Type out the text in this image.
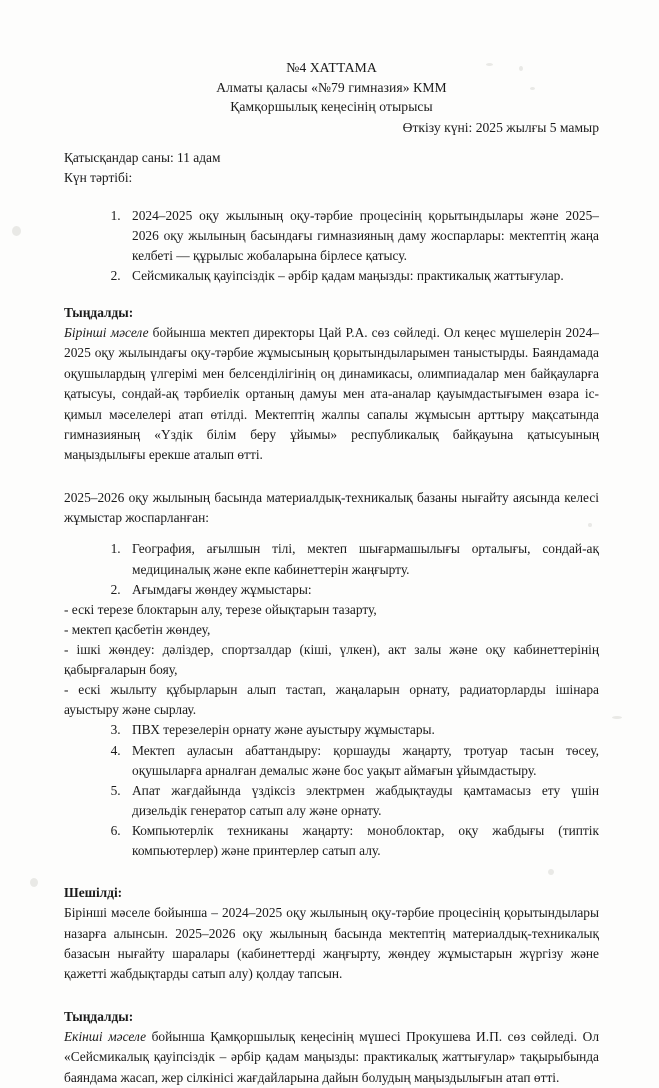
№4 ХАТТАМА
Алматы қаласы «№79 гимназия» КММ
Қамқоршылық кеңесінің отырысы
Өткізу күні: 2025 жылғы 5 мамыр
Қатысқандар саны: 11 адам
Күн тәртібі:
1. 2024–2025 оқу жылының оқу-тәрбие процесінің қорытындылары және 2025–2026 оқу жылының басындағы гимназияның даму жоспарлары: мектептің жаңа келбеті — құрылыс жобаларына бірлесе қатысу.
2. Сейсмикалық қауіпсіздік – әрбір қадам маңызды: практикалық жаттығулар.
Тыңдалды:

Бірінші мәселе бойынша мектеп директоры Цай Р.А. сөз сөйледі. Ол кеңес мүшелерін 2024–2025 оқу жылындағы оқу-тәрбие жұмысының қорытындыларымен таныстырды. Баяндамада оқушылардың үлгерімі мен белсенділігінің оң динамикасы, олимпиадалар мен байқауларға қатысуы, сондай-ақ тәрбиелік ортаның дамуы мен ата-аналар қауымдастығымен өзара іс-қимыл мәселелері атап өтілді. Мектептің жалпы сапалы жұмысын арттыру мақсатында гимназияның «Үздік білім беру ұйымы» республикалық байқауына қатысуының маңыздылығы ерекше аталып өтті.

2025–2026 оқу жылының басында материалдық-техникалық базаны нығайту аясында келесі жұмыстар жоспарланған:

1. География, ағылшын тілі, мектеп шығармашылығы орталығы, сондай-ақ медициналық және екпе кабинеттерін жаңғырту.
2. Ағымдағы жөндеу жұмыстары:
- ескі терезе блоктарын алу, терезе ойықтарын тазарту,
- мектеп қасбетін жөндеу,
- ішкі жөндеу: дәліздер, спортзалдар (кіші, үлкен), акт залы және оқу кабинеттерінің қабырғаларын бояу,
- ескі жылыту құбырларын алып тастап, жаңаларын орнату, радиаторларды ішінара ауыстыру және сырлау.
3. ПВХ терезелерін орнату және ауыстыру жұмыстары.
4. Мектеп ауласын абаттандыру: қоршауды жаңарту, тротуар тасын төсеу, оқушыларға арналған демалыс және бос уақыт аймағын ұйымдастыру.
5. Апат жағдайында үздіксіз электрмен жабдықтауды қамтамасыз ету үшін дизельдік генератор сатып алу және орнату.
6. Компьютерлік техниканы жаңарту: моноблоктар, оқу жабдығы (типтік компьютерлер) және принтерлер сатып алу.
Шешілді:

Бірінші мәселе бойынша – 2024–2025 оқу жылының оқу-тәрбие процесінің қорытындылары назарға алынсын. 2025–2026 оқу жылының басында мектептің материалдық-техникалық базасын нығайту шаралары (кабинеттерді жаңғырту, жөндеу жұмыстарын жүргізу және қажетті жабдықтарды сатып алу) қолдау тапсын.

Тыңдалды:

Екінші мәселе бойынша Қамқоршылық кеңесінің мүшесі Прокушева И.П. сөз сөйледі. Ол «Сейсмикалық қауіпсіздік – әрбір қадам маңызды: практикалық жаттығулар» тақырыбында баяндама жасап, жер сілкінісі жағдайларына дайын болудың маңыздылығын атап өтті.
